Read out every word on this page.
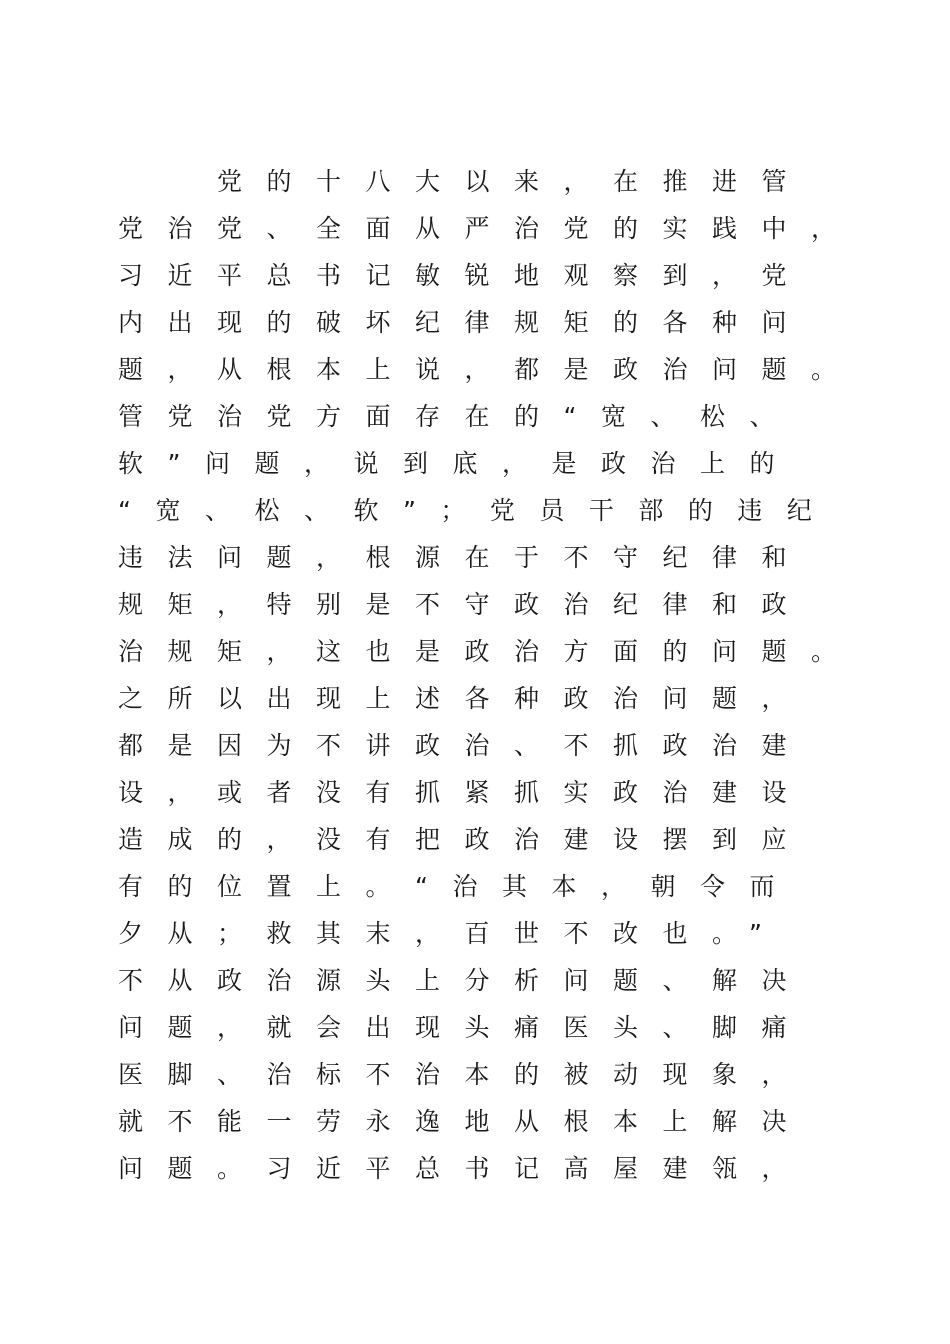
　　党的十八大以来，在推进管

党治党、全面从严治党的实践中，

习近平总书记敏锐地观察到，党

内出现的破坏纪律规矩的各种问

题，从根本上说，都是政治问题。

管党治党方面存在的“宽、松、

软”问题，说到底，是政治上的

“宽、松、软”；党员干部的违纪

违法问题，根源在于不守纪律和

规矩，特别是不守政治纪律和政

治规矩，这也是政治方面的问题。

之所以出现上述各种政治问题，

都是因为不讲政治、不抓政治建

设，或者没有抓紧抓实政治建设

造成的，没有把政治建设摆到应

有的位置上。“治其本，朝令而

夕从；救其末，百世不改也。”

不从政治源头上分析问题、解决

问题，就会出现头痛医头、脚痛

医脚、治标不治本的被动现象，

就不能一劳永逸地从根本上解决

问题。习近平总书记高屋建瓴，
